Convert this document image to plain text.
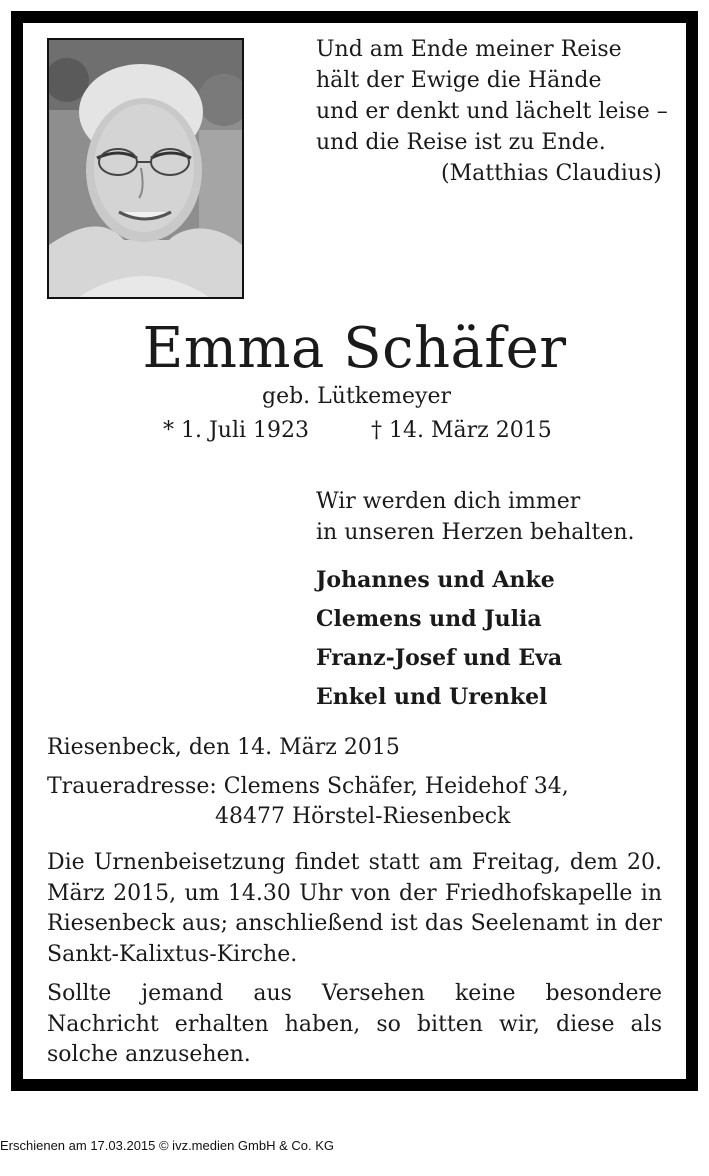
Und am Ende meiner Reise
hält der Ewige die Hände
und er denkt und lächelt leise –
und die Reise ist zu Ende.
(Matthias Claudius)
Emma Schäfer
geb. Lütkemeyer
* 1. Juli 1923	† 14. März 2015
Wir werden dich immer
in unseren Herzen behalten.
Johannes und Anke
Clemens und Julia
Franz-Josef und Eva
Enkel und Urenkel
Riesenbeck, den 14. März 2015
Traueradresse: Clemens Schäfer, Heidehof 34,
48477 Hörstel-Riesenbeck
Die Urnenbeisetzung findet statt am Freitag, dem 20. März 2015, um 14.30 Uhr von der Friedhofskapelle in Riesenbeck aus; anschließend ist das Seelenamt in der Sankt-Kalixtus-Kirche.
Sollte jemand aus Versehen keine besondere Nachricht erhalten haben, so bitten wir, diese als solche anzusehen.
Erschienen am 17.03.2015 © ivz.medien GmbH & Co. KG
